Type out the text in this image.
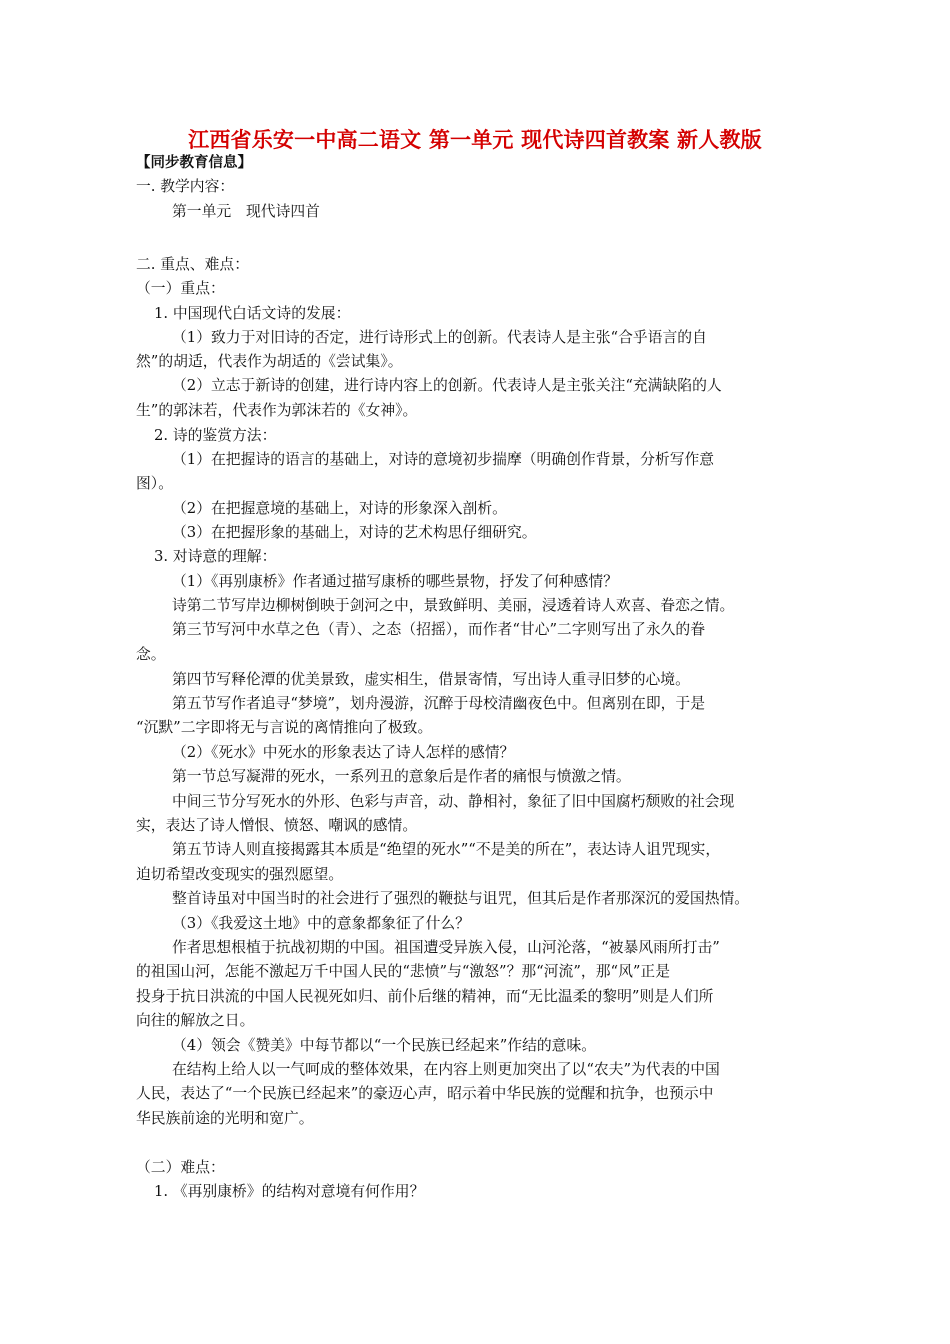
江西省乐安一中高二语文 第一单元 现代诗四首教案 新人教版
【同步教育信息】
一. 教学内容：
第一单元　现代诗四首
二. 重点、难点：
（一）重点：
1. 中国现代白话文诗的发展：
（1）致力于对旧诗的否定，进行诗形式上的创新。代表诗人是主张“合乎语言的自
然”的胡适，代表作为胡适的《尝试集》。
（2）立志于新诗的创建，进行诗内容上的创新。代表诗人是主张关注“充满缺陷的人
生”的郭沫若，代表作为郭沫若的《女神》。
2. 诗的鉴赏方法：
（1）在把握诗的语言的基础上，对诗的意境初步揣摩（明确创作背景，分析写作意
图）。
（2）在把握意境的基础上，对诗的形象深入剖析。
（3）在把握形象的基础上，对诗的艺术构思仔细研究。
3. 对诗意的理解：
（1）《再别康桥》作者通过描写康桥的哪些景物，抒发了何种感情？
诗第二节写岸边柳树倒映于剑河之中，景致鲜明、美丽，浸透着诗人欢喜、眷恋之情。
第三节写河中水草之色（青）、之态（招摇），而作者“甘心”二字则写出了永久的眷
念。
第四节写释伦潭的优美景致，虚实相生，借景寄情，写出诗人重寻旧梦的心境。
第五节写作者追寻“梦境”，划舟漫游，沉醉于母校清幽夜色中。但离别在即，于是
“沉默”二字即将无与言说的离情推向了极致。
（2）《死水》中死水的形象表达了诗人怎样的感情？
第一节总写凝滞的死水，一系列丑的意象后是作者的痛恨与愤激之情。
中间三节分写死水的外形、色彩与声音，动、静相衬，象征了旧中国腐朽颓败的社会现
实，表达了诗人憎恨、愤怒、嘲讽的感情。
第五节诗人则直接揭露其本质是“绝望的死水”“不是美的所在”，表达诗人诅咒现实，
迫切希望改变现实的强烈愿望。
整首诗虽对中国当时的社会进行了强烈的鞭挞与诅咒，但其后是作者那深沉的爱国热情。
（3）《我爱这土地》中的意象都象征了什么？
作者思想根植于抗战初期的中国。祖国遭受异族入侵，山河沦落，“被暴风雨所打击”
的祖国山河，怎能不激起万千中国人民的“悲愤”与“激怒”？那“河流”，那“风”正是
投身于抗日洪流的中国人民视死如归、前仆后继的精神，而“无比温柔的黎明”则是人们所
向往的解放之日。
（4）领会《赞美》中每节都以“一个民族已经起来”作结的意味。
在结构上给人以一气呵成的整体效果，在内容上则更加突出了以“农夫”为代表的中国
人民，表达了“一个民族已经起来”的豪迈心声，昭示着中华民族的觉醒和抗争，也预示中
华民族前途的光明和宽广。
（二）难点：
1. 《再别康桥》的结构对意境有何作用？
